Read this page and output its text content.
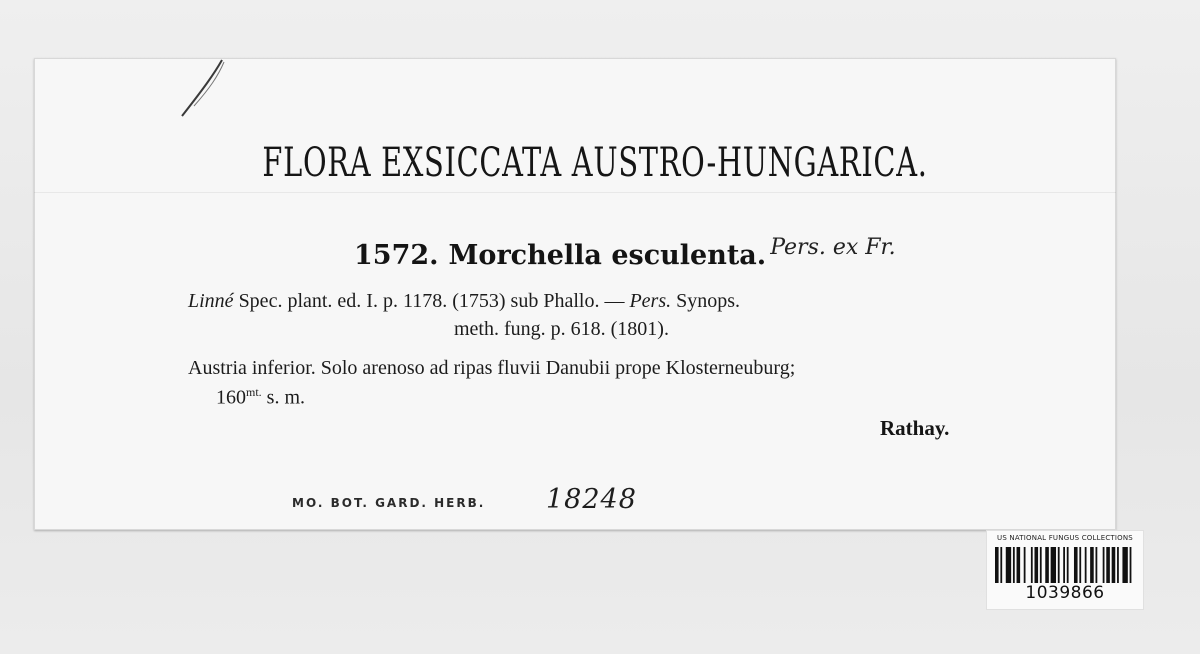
FLORA EXSICCATA AUSTRO-HUNGARICA.
1572. Morchella esculenta. $^{Pers. ex Fr.}$
Linné Spec. plant. ed. I. p. 1178. (1753) sub Phallo. — Pers. Synops.
meth. fung. p. 618. (1801).
Austria inferior. Solo arenoso ad ripas fluvii Danubii prope Klosterneuburg;
$160^{mt.}$ s. m.
Rathay.
MO. BOT. GARD. HERB. 18248
US NATIONAL FUNGUS COLLECTIONS
1039866
